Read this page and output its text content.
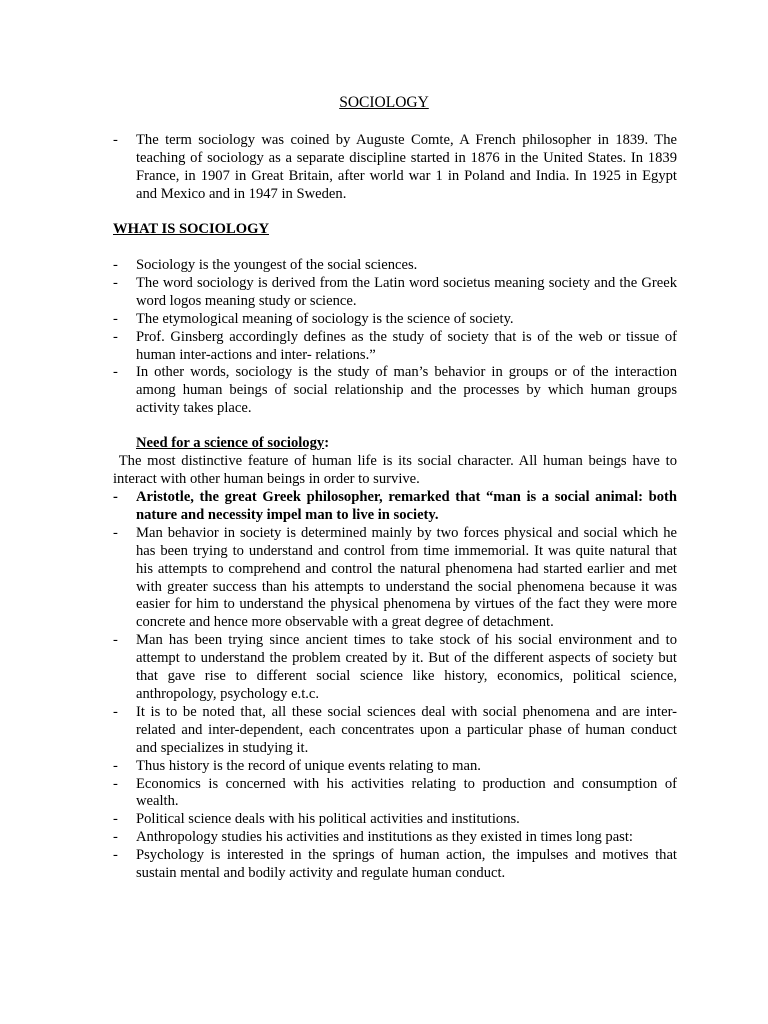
SOCIOLOGY
- The term sociology was coined by Auguste Comte, A French philosopher in 1839. The teaching of sociology as a separate discipline started in 1876 in the United States. In 1839 France, in 1907 in Great Britain, after world war 1 in Poland and India. In 1925 in Egypt and Mexico and in 1947 in Sweden.
WHAT IS SOCIOLOGY
- Sociology is the youngest of the social sciences.
- The word sociology is derived from the Latin word societus meaning society and the Greek word logos meaning study or science.
- The etymological meaning of sociology is the science of society.
- Prof. Ginsberg accordingly defines as the study of society that is of the web or tissue of human inter-actions and inter- relations.”
- In other words, sociology is the study of man’s behavior in groups or of the interaction among human beings of social relationship and the processes by which human groups activity takes place.
Need for a science of sociology:
The most distinctive feature of human life is its social character. All human beings have to interact with other human beings in order to survive.
- Aristotle, the great Greek philosopher, remarked that “man is a social animal: both nature and necessity impel man to live in society.
- Man behavior in society is determined mainly by two forces physical and social which he has been trying to understand and control from time immemorial. It was quite natural that his attempts to comprehend and control the natural phenomena had started earlier and met with greater success than his attempts to understand the social phenomena because it was easier for him to understand the physical phenomena by virtues of the fact they were more concrete and hence more observable with a great degree of detachment.
- Man has been trying since ancient times to take stock of his social environment and to attempt to understand the problem created by it. But of the different aspects of society but that gave rise to different social science like history, economics, political science, anthropology, psychology e.t.c.
- It is to be noted that, all these social sciences deal with social phenomena and are inter-related and inter-dependent, each concentrates upon a particular phase of human conduct and specializes in studying it.
- Thus history is the record of unique events relating to man.
- Economics is concerned with his activities relating to production and consumption of wealth.
- Political science deals with his political activities and institutions.
- Anthropology studies his activities and institutions as they existed in times long past:
- Psychology is interested in the springs of human action, the impulses and motives that sustain mental and bodily activity and regulate human conduct.
